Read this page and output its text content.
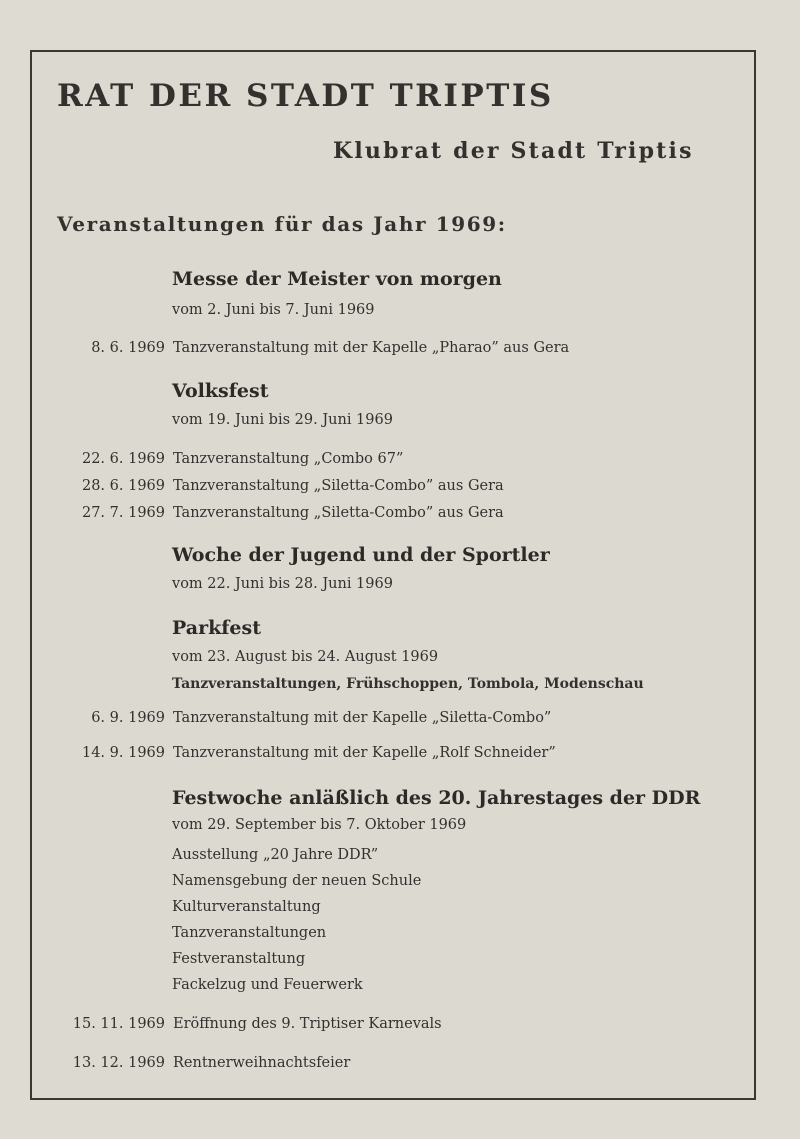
RAT DER STADT TRIPTIS
Klubrat der Stadt Triptis
Veranstaltungen für das Jahr 1969:
Messe der Meister von morgen
vom 2. Juni bis 7. Juni 1969
8. 6. 1969 Tanzveranstaltung mit der Kapelle „Pharao” aus Gera
Volksfest
vom 19. Juni bis 29. Juni 1969
22. 6. 1969 Tanzveranstaltung „Combo 67”
28. 6. 1969 Tanzveranstaltung „Siletta-Combo” aus Gera
27. 7. 1969 Tanzveranstaltung „Siletta-Combo” aus Gera
Woche der Jugend und der Sportler
vom 22. Juni bis 28. Juni 1969
Parkfest
vom 23. August bis 24. August 1969
Tanzveranstaltungen, Frühschoppen, Tombola, Modenschau
6. 9. 1969 Tanzveranstaltung mit der Kapelle „Siletta-Combo”
14. 9. 1969 Tanzveranstaltung mit der Kapelle „Rolf Schneider”
Festwoche anläßlich des 20. Jahrestages der DDR
vom 29. September bis 7. Oktober 1969
Ausstellung „20 Jahre DDR”
Namensgebung der neuen Schule
Kulturveranstaltung
Tanzveranstaltungen
Festveranstaltung
Fackelzug und Feuerwerk
15. 11. 1969 Eröffnung des 9. Triptiser Karnevals
13. 12. 1969 Rentnerweihnachtsfeier
